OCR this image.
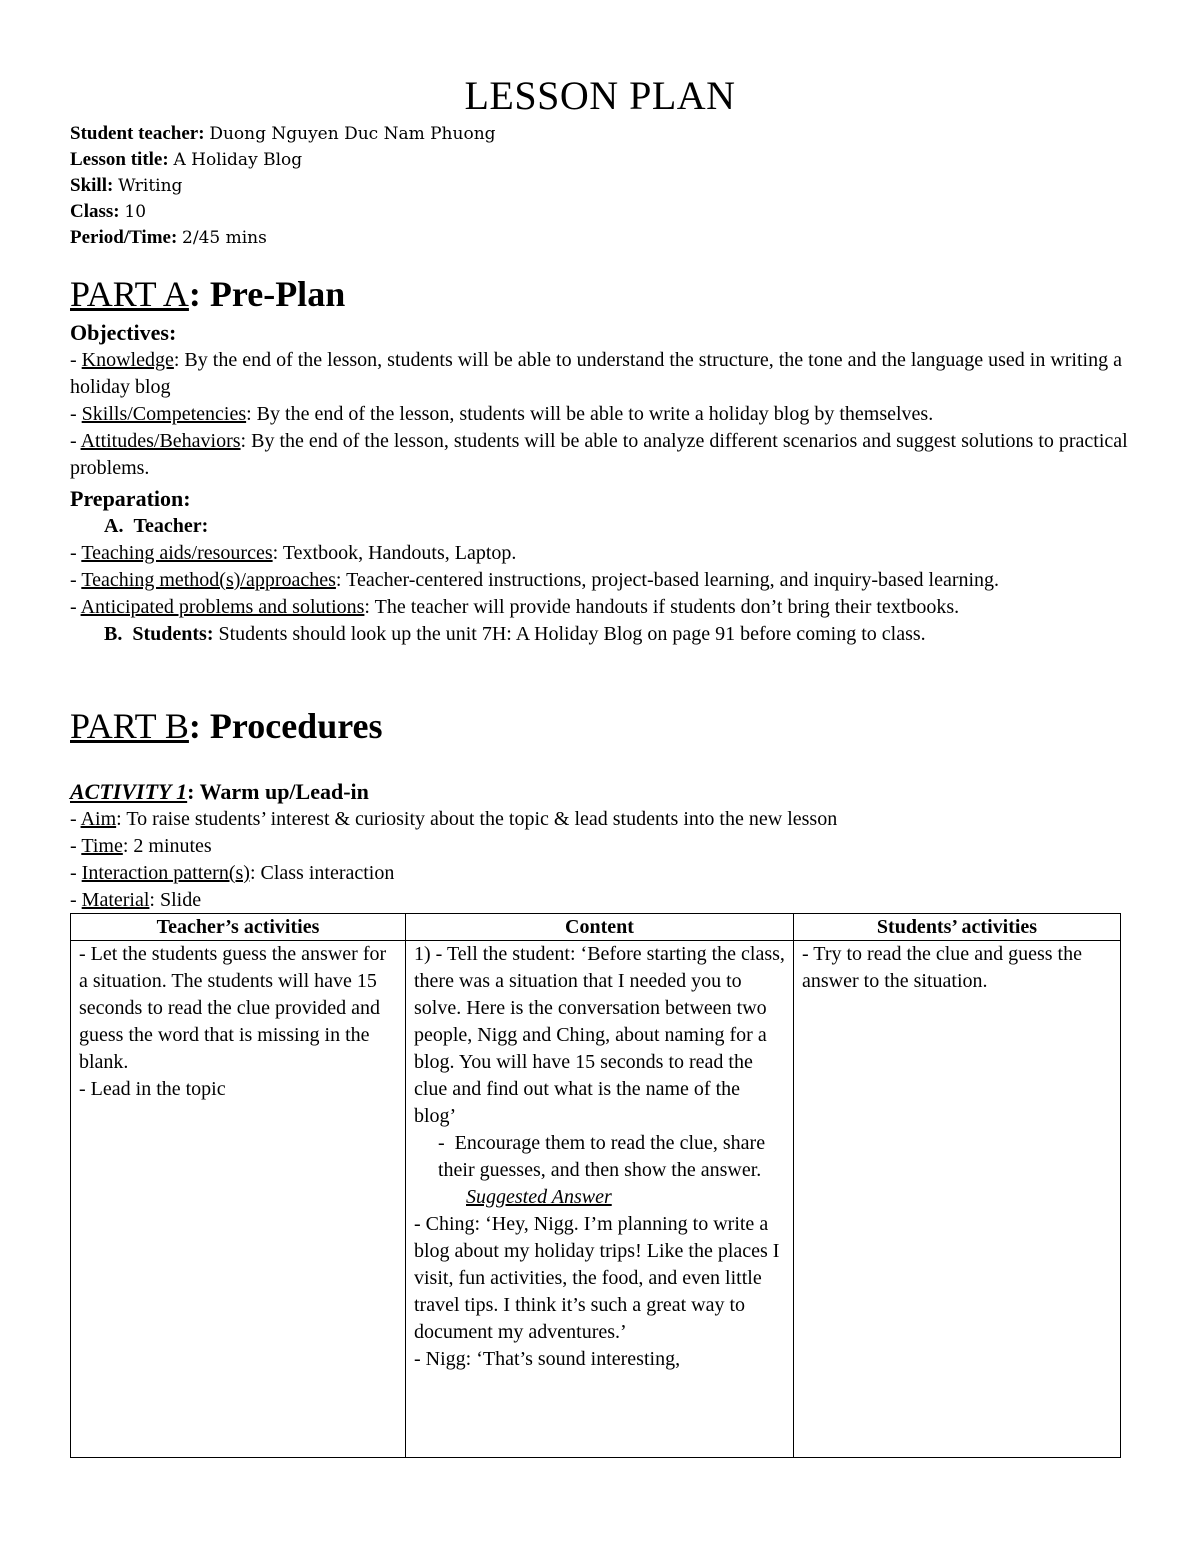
LESSON PLAN
Student teacher: Duong Nguyen Duc Nam Phuong
Lesson title: A Holiday Blog
Skill: Writing
Class: 10
Period/Time: 2/45 mins
PART A: Pre-Plan
Objectives:
- Knowledge: By the end of the lesson, students will be able to understand the structure, the tone and the language used in writing a holiday blog
- Skills/Competencies: By the end of the lesson, students will be able to write a holiday blog by themselves.
- Attitudes/Behaviors: By the end of the lesson, students will be able to analyze different scenarios and suggest solutions to practical problems.
Preparation:
A.  Teacher:
- Teaching aids/resources: Textbook, Handouts, Laptop.
- Teaching method(s)/approaches: Teacher-centered instructions, project-based learning, and inquiry-based learning.
- Anticipated problems and solutions: The teacher will provide handouts if students don’t bring their textbooks.
B.  Students: Students should look up the unit 7H: A Holiday Blog on page 91 before coming to class.
PART B: Procedures
ACTIVITY 1: Warm up/Lead-in
- Aim: To raise students’ interest & curiosity about the topic & lead students into the new lesson
- Time: 2 minutes
- Interaction pattern(s): Class interaction
- Material: Slide
Teacher’s activities	Content	Students’ activities

- Let the students guess the answer for a situation. The students will have 15 seconds to read the clue provided and guess the word that is missing in the blank.
- Lead in the topic	1) - Tell the student: ‘Before starting the class, there was a situation that I needed you to solve. Here is the conversation between two people, Nigg and Ching, about naming for a blog. You will have 15 seconds to read the clue and find out what is the name of the blog’
-  Encourage them to read the clue, share their guesses, and then show the answer.
Suggested Answer
- Ching: ‘Hey, Nigg. I’m planning to write a blog about my holiday trips! Like the places I visit, fun activities, the food, and even little travel tips. I think it’s such a great way to document my adventures.’
- Nigg: ‘That’s sound interesting,	- Try to read the clue and guess the answer to the situation.
